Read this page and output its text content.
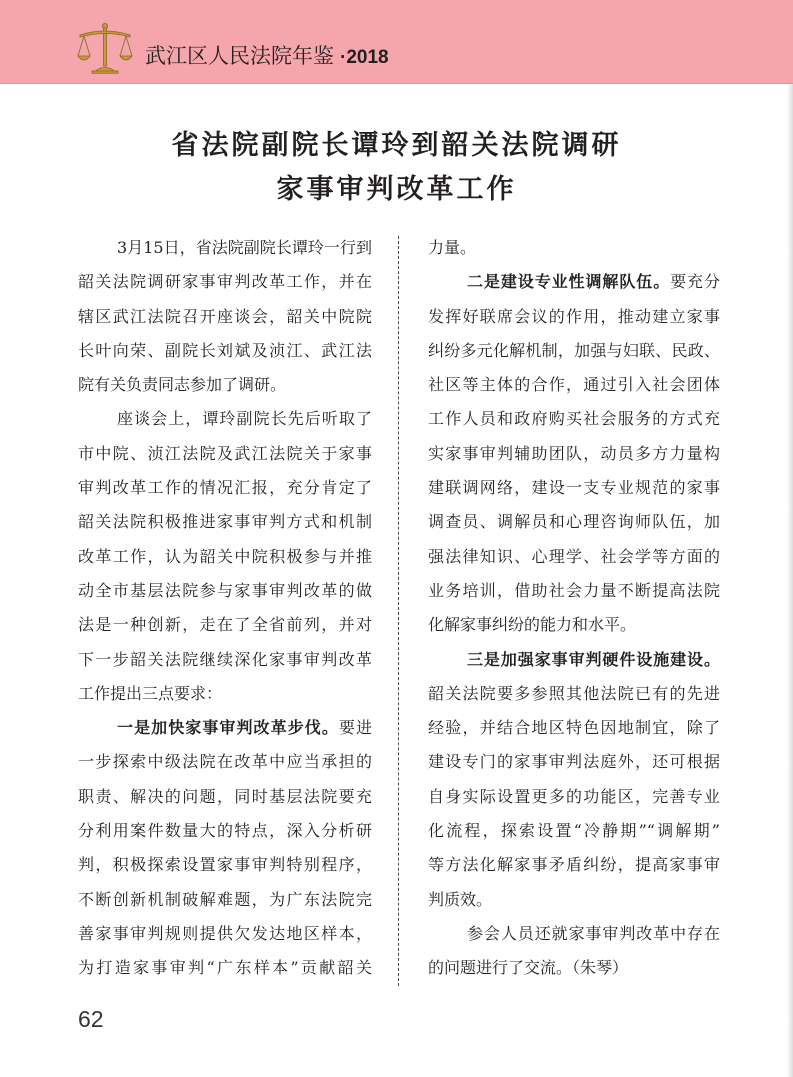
武江区人民法院年鉴 ·2018
省法院副院长谭玲到韶关法院调研
家事审判改革工作
3月15日，省法院副院长谭玲一行到
韶关法院调研家事审判改革工作，并在
辖区武江法院召开座谈会，韶关中院院
长叶向荣、副院长刘斌及浈江、武江法
院有关负责同志参加了调研。
座谈会上，谭玲副院长先后听取了
市中院、浈江法院及武江法院关于家事
审判改革工作的情况汇报，充分肯定了
韶关法院积极推进家事审判方式和机制
改革工作，认为韶关中院积极参与并推
动全市基层法院参与家事审判改革的做
法是一种创新，走在了全省前列，并对
下一步韶关法院继续深化家事审判改革
工作提出三点要求：
一是加快家事审判改革步伐。要进
一步探索中级法院在改革中应当承担的
职责、解决的问题，同时基层法院要充
分利用案件数量大的特点，深入分析研
判，积极探索设置家事审判特别程序，
不断创新机制破解难题，为广东法院完
善家事审判规则提供欠发达地区样本，
为打造家事审判“广东样本”贡献韶关
力量。
二是建设专业性调解队伍。要充分
发挥好联席会议的作用，推动建立家事
纠纷多元化解机制，加强与妇联、民政、
社区等主体的合作，通过引入社会团体
工作人员和政府购买社会服务的方式充
实家事审判辅助团队，动员多方力量构
建联调网络，建设一支专业规范的家事
调查员、调解员和心理咨询师队伍，加
强法律知识、心理学、社会学等方面的
业务培训，借助社会力量不断提高法院
化解家事纠纷的能力和水平。
三是加强家事审判硬件设施建设。
韶关法院要多参照其他法院已有的先进
经验，并结合地区特色因地制宜，除了
建设专门的家事审判法庭外，还可根据
自身实际设置更多的功能区，完善专业
化流程，探索设置“冷静期”“调解期”
等方法化解家事矛盾纠纷，提高家事审
判质效。
参会人员还就家事审判改革中存在
的问题进行了交流。（朱琴）
62
